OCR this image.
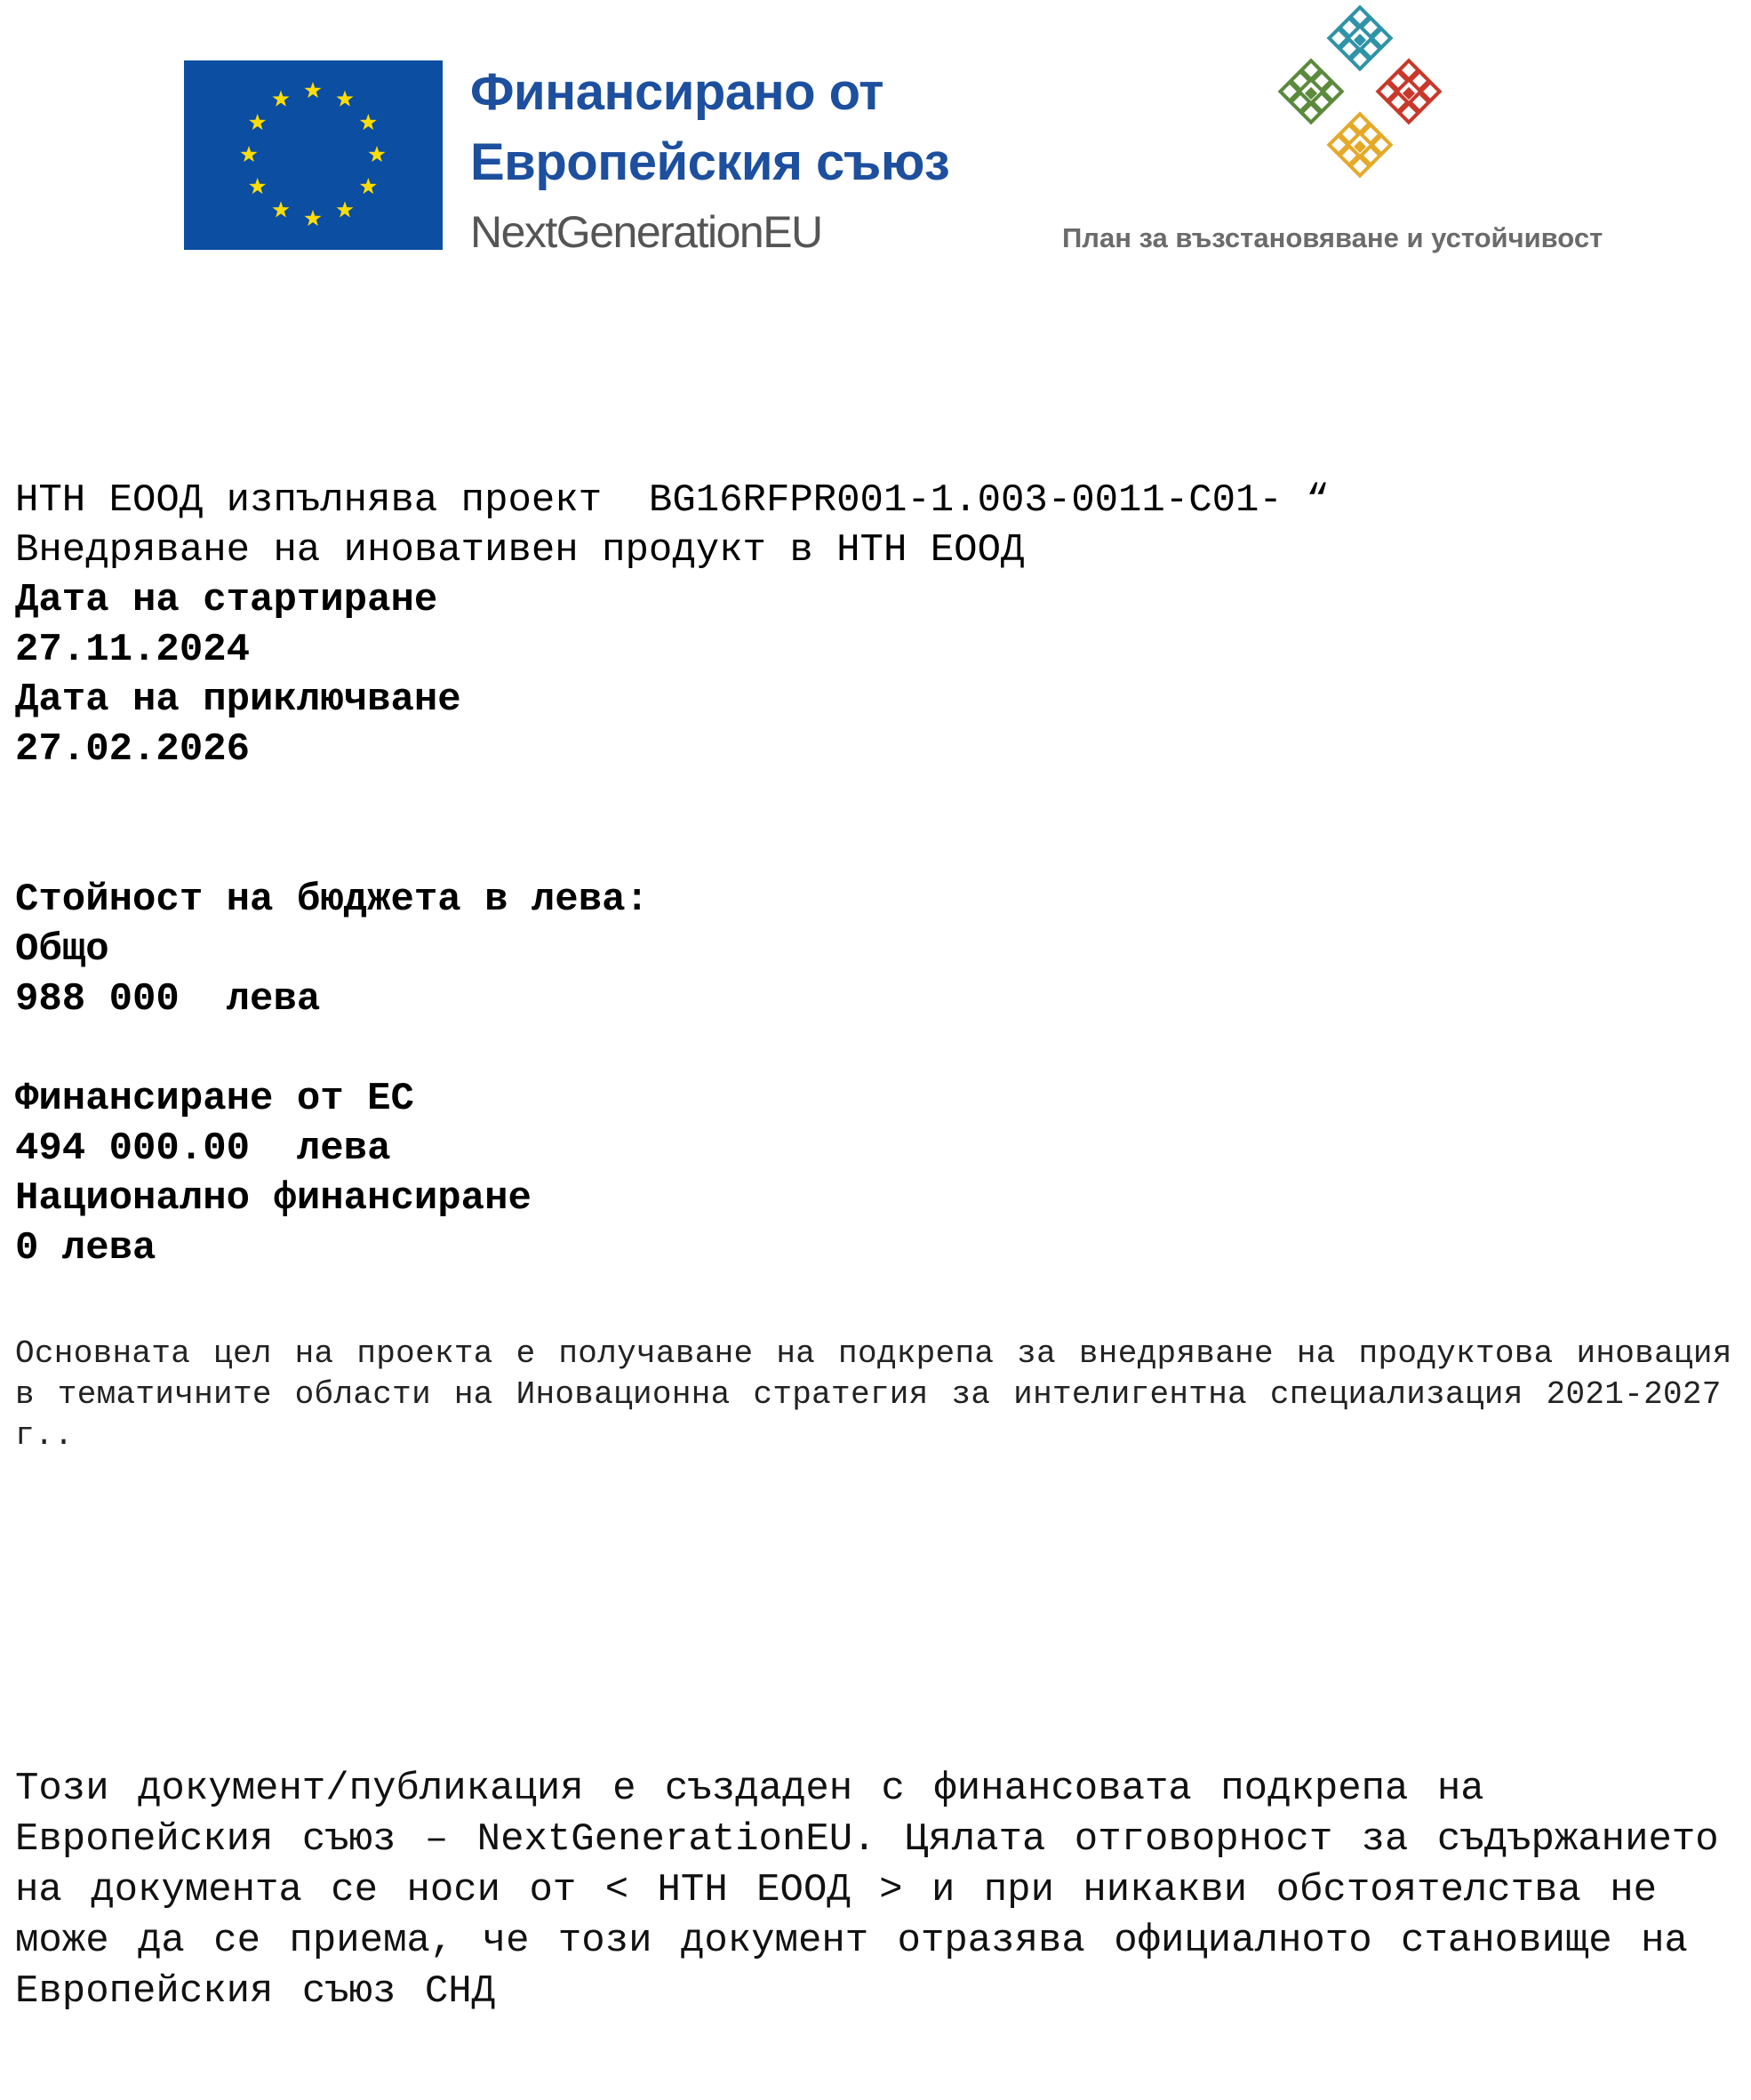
Финансирано от
Европейския съюз
NextGenerationEU	План за възстановяване и устойчивост

НТН ЕООД изпълнява проект  BG16RFPR001-1.003-0011-C01- “

Внедряване на иновативен продукт в НТН ЕООД

Дата на стартиране

27.11.2024

Дата на приключване

27.02.2026

Стойност на бюджета в лева:

Общо

988 000  лева

Финансиране от ЕС

494 000.00  лева

Национално финансиране

0 лева

Основната цел на проекта е получаване на подкрепа за внедряване на продуктова иновация в тематичните области на Иновационна стратегия за интелигентна специализация 2021-2027 г..
Този документ/публикация е създаден с финансовата подкрепа на Европейския съюз – NextGenerationEU. Цялата отговорност за съдържанието на документа се носи от < НТН ЕООД > и при никакви обстоятелства не може да се приема, че този документ отразява официалното становище на Европейския съюз СНД
